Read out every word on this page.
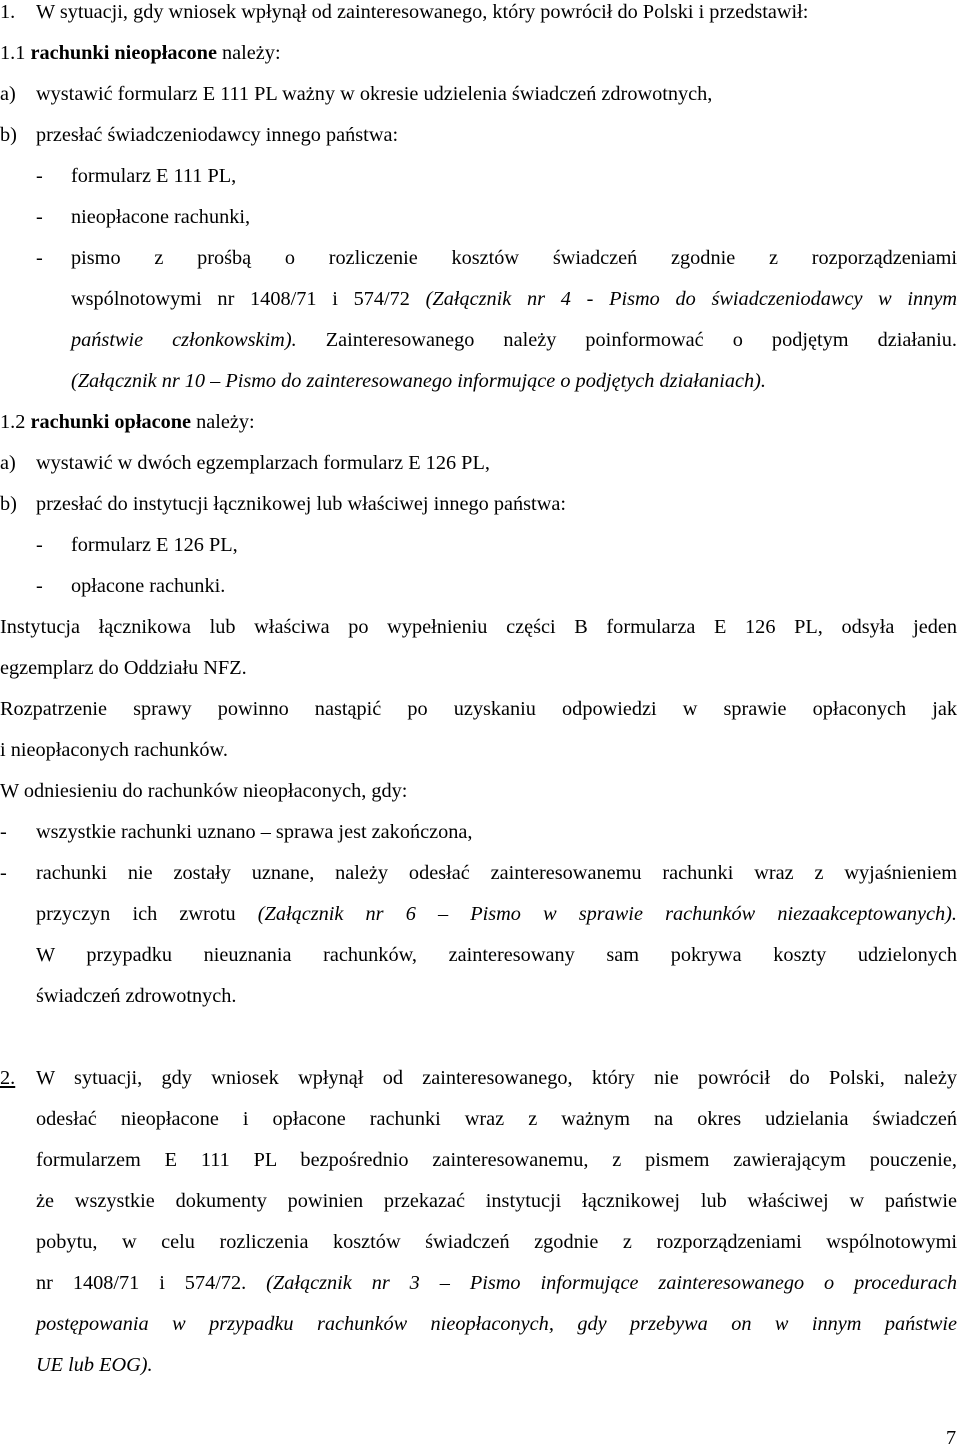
1. W sytuacji, gdy wniosek wpłynął od zainteresowanego, który powrócił do Polski i przedstawił:
1.1 rachunki nieopłacone należy:
a) wystawić formularz E 111 PL ważny w okresie udzielenia świadczeń zdrowotnych,
b) przesłać świadczeniodawcy innego państwa:
- formularz E 111 PL,
- nieopłacone rachunki,
- pismo z prośbą o rozliczenie kosztów świadczeń zgodnie z rozporządzeniami
wspólnotowymi nr 1408/71 i 574/72 (Załącznik nr 4 - Pismo do świadczeniodawcy w innym
państwie członkowskim). Zainteresowanego należy poinformować o podjętym działaniu.
(Załącznik nr 10 – Pismo do zainteresowanego informujące o podjętych działaniach).
1.2 rachunki opłacone należy:
a) wystawić w dwóch egzemplarzach formularz E 126 PL,
b) przesłać do instytucji łącznikowej lub właściwej innego państwa:
- formularz E 126 PL,
- opłacone rachunki.
Instytucja łącznikowa lub właściwa po wypełnieniu części B formularza E 126 PL, odsyła jeden
egzemplarz do Oddziału NFZ.
Rozpatrzenie sprawy powinno nastąpić po uzyskaniu odpowiedzi w sprawie opłaconych jak
i nieopłaconych rachunków.
W odniesieniu do rachunków nieopłaconych, gdy:
- wszystkie rachunki uznano – sprawa jest zakończona,
- rachunki nie zostały uznane, należy odesłać zainteresowanemu rachunki wraz z wyjaśnieniem
przyczyn ich zwrotu (Załącznik nr 6 – Pismo w sprawie rachunków niezaakceptowanych).
W przypadku nieuznania rachunków, zainteresowany sam pokrywa koszty udzielonych
świadczeń zdrowotnych.
2. W sytuacji, gdy wniosek wpłynął od zainteresowanego, który nie powrócił do Polski, należy
odesłać nieopłacone i opłacone rachunki wraz z ważnym na okres udzielania świadczeń
formularzem E 111 PL bezpośrednio zainteresowanemu, z pismem zawierającym pouczenie,
że wszystkie dokumenty powinien przekazać instytucji łącznikowej lub właściwej w państwie
pobytu, w celu rozliczenia kosztów świadczeń zgodnie z rozporządzeniami wspólnotowymi
nr 1408/71 i 574/72. (Załącznik nr 3 – Pismo informujące zainteresowanego o procedurach
postępowania w przypadku rachunków nieopłaconych, gdy przebywa on w innym państwie
UE lub EOG).
7
